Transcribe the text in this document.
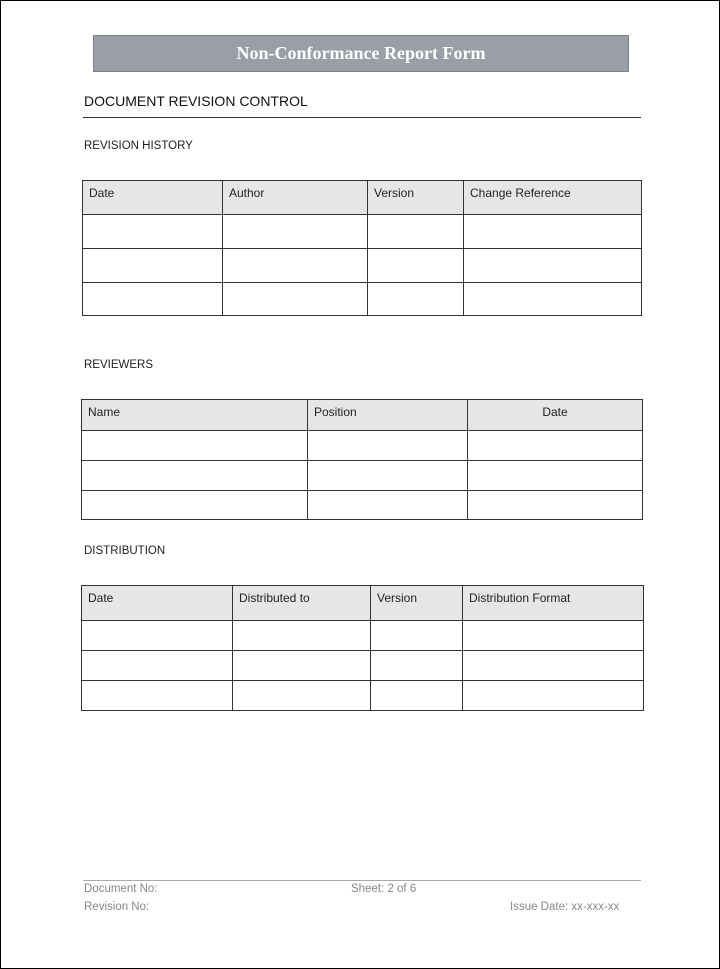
Non-Conformance Report Form
DOCUMENT REVISION CONTROL
REVISION HISTORY
Date	Author	Version	Change Reference

REVIEWERS
Name	Position	Date

DISTRIBUTION
Date	Distributed to	Version	Distribution Format

Document No:	Sheet: 2 of 6
Revision No:	Issue Date: xx-xxx-xx
